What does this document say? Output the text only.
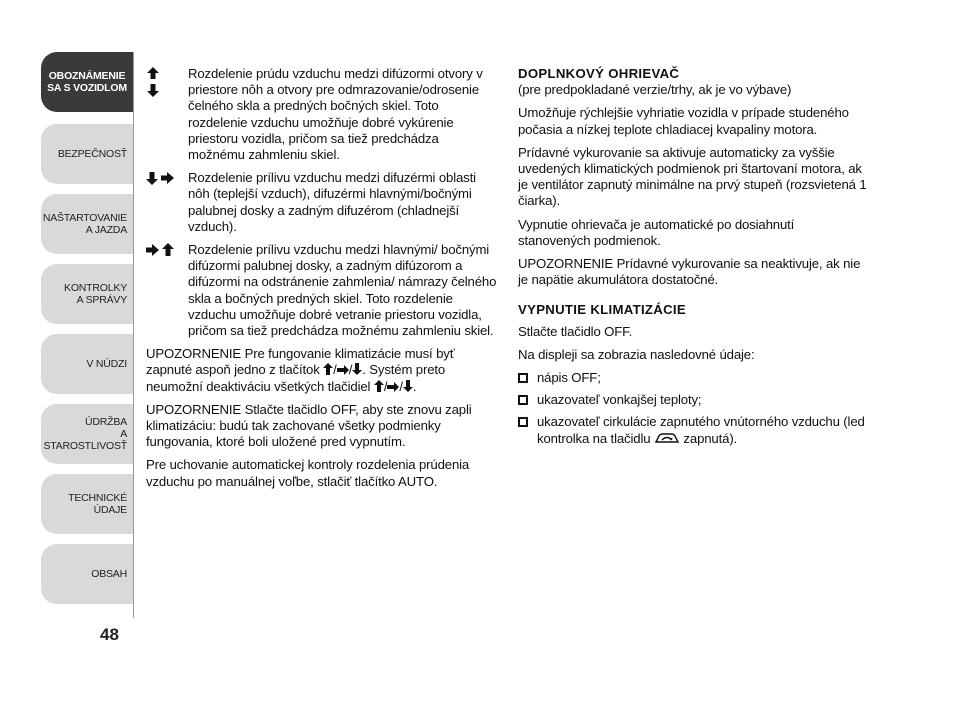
OBOZNÁMENIE
SA S VOZIDLOM
BEZPEČNOSŤ
NAŠTARTOVANIE
A JAZDA
KONTROLKY
A SPRÁVY
V NÚDZI
ÚDRŽBA
A STAROSTLIVOSŤ
TECHNICKÉ
ÚDAJE
OBSAH
48
Rozdelenie prúdu vzduchu medzi difúzormi otvory v priestore nôh a otvory pre odmrazovanie/odrosenie čelného skla a predných bočných skiel. Toto rozdelenie vzduchu umožňuje dobré vykúrenie priestoru vozidla, pričom sa tiež predchádza možnému zahmleniu skiel.
Rozdelenie prílivu vzduchu medzi difuzérmi oblasti nôh (teplejší vzduch), difuzérmi hlavnými/bočnými palubnej dosky a zadným difuzérom (chladnejší vzduch).
Rozdelenie prílivu vzduchu medzi hlavnými/ bočnými difúzormi palubnej dosky, a zadným difúzorom a difúzormi na odstránenie zahmlenia/ námrazy čelného skla a bočných predných skiel. Toto rozdelenie vzduchu umožňuje dobré vetranie priestoru vozidla, pričom sa tiež predchádza možnému zahmleniu skiel.

UPOZORNENIE Pre fungovanie klimatizácie musí byť zapnuté aspoň jedno z tlačítok / / . Systém preto neumožní deaktiváciu všetkých tlačidiel / / .

UPOZORNENIE Stlačte tlačidlo OFF, aby ste znovu zapli klimatizáciu: budú tak zachované všetky podmienky fungovania, ktoré boli uložené pred vypnutím.

Pre uchovanie automatickej kontroly rozdelenia prúdenia vzduchu po manuálnej voľbe, stlačiť tlačítko AUTO.

DOPLNKOVÝ OHRIEVAČ

(pre predpokladané verzie/trhy, ak je vo výbave)

Umožňuje rýchlejšie vyhriatie vozidla v prípade studeného počasia a nízkej teplote chladiacej kvapaliny motora.

Prídavné vykurovanie sa aktivuje automaticky za vyššie uvedených klimatických podmienok pri štartovaní motora, ak je ventilátor zapnutý minimálne na prvý stupeň (rozsvietená 1 čiarka).

Vypnutie ohrievača je automatické po dosiahnutí stanovených podmienok.

UPOZORNENIE Prídavné vykurovanie sa neaktivuje, ak nie je napätie akumulátora dostatočné.

VYPNUTIE KLIMATIZÁCIE

Stlačte tlačidlo OFF.

Na displeji sa zobrazia nasledovné údaje:

nápis OFF;
ukazovateľ vonkajšej teploty;
ukazovateľ cirkulácie zapnutého vnútorného vzduchu (led kontrolka na tlačidlu  zapnutá).
